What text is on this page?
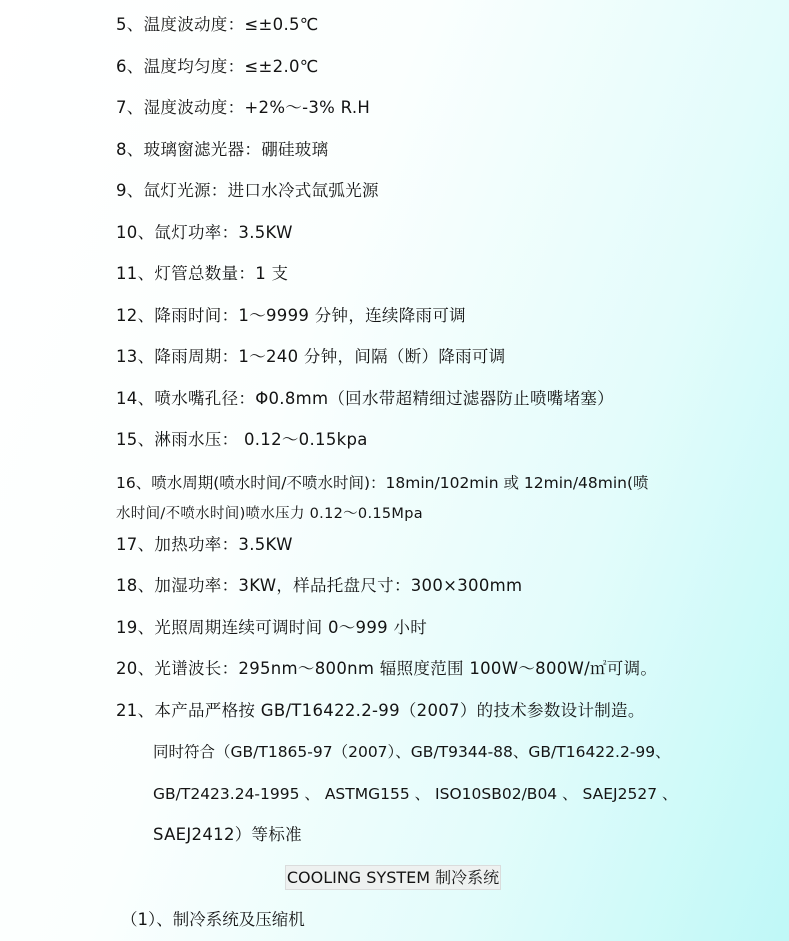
5、温度波动度：≤±0.5℃
6、温度均匀度：≤±2.0℃
7、湿度波动度：+2%～-3% R.H
8、玻璃窗滤光器：硼硅玻璃
9、氙灯光源：进口水冷式氙弧光源
10、氙灯功率：3.5KW
11、灯管总数量：1 支
12、降雨时间：1～9999 分钟，连续降雨可调
13、降雨周期：1～240 分钟，间隔（断）降雨可调
14、喷水嘴孔径：Φ0.8mm（回水带超精细过滤器防止喷嘴堵塞）
15、淋雨水压： 0.12～0.15kpa
16、喷水周期(喷水时间/不喷水时间)：18min/102min 或 12min/48min(喷
水时间/不喷水时间)喷水压力 0.12～0.15Mpa
17、加热功率：3.5KW
18、加湿功率：3KW，样品托盘尺寸：300×300mm
19、光照周期连续可调时间 0～999 小时
20、光谱波长：295nm～800nm 辐照度范围 100W～800W/㎡可调。
21、本产品严格按 GB/T16422.2-99（2007）的技术参数设计制造。
同时符合（GB/T1865-97（2007）、GB/T9344-88、GB/T16422.2-99、
GB/T2423.24-1995 、 ASTMG155 、 ISO10SB02/B04 、 SAEJ2527 、
SAEJ2412）等标准
COOLING SYSTEM 制冷系统
（1）、制冷系统及压缩机
